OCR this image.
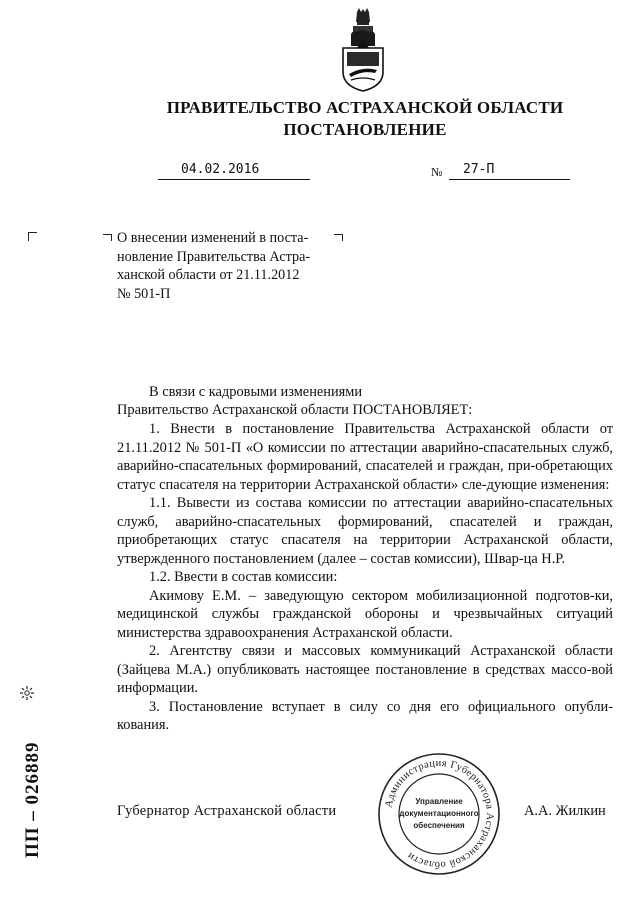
ПРАВИТЕЛЬСТВО АСТРАХАНСКОЙ ОБЛАСТИ
ПОСТАНОВЛЕНИЕ
04.02.2016	№ 27-П

О внесении изменений в поста-

новление Правительства Астра-

ханской области от 21.11.2012

№ 501-П

В связи с кадровыми изменениями
Правительство Астраханской области ПОСТАНОВЛЯЕТ:

1. Внести в постановление Правительства Астраханской области от 21.11.2012 № 501-П «О комиссии по аттестации аварийно-спасательных служб, аварийно-спасательных формирований, спасателей и граждан, при-обретающих статус спасателя на территории Астраханской области» сле-дующие изменения:

1.1. Вывести из состава комиссии по аттестации аварийно-спасательных служб, аварийно-спасательных формирований, спасателей и граждан, приобретающих статус спасателя на территории Астраханской области, утвержденного постановлением (далее – состав комиссии), Швар-ца Н.Р.

1.2. Ввести в состав комиссии:

Акимову Е.М. – заведующую сектором мобилизационной подготов-ки, медицинской службы гражданской обороны и чрезвычайных ситуаций министерства здравоохранения Астраханской области.

2. Агентству связи и массовых коммуникаций Астраханской области (Зайцева М.А.) опубликовать настоящее постановление в средствах массо-вой информации.

3. Постановление вступает в силу со дня его официального опубли-кования.

Губернатор Астраханской области	А.А. Жилкин
Администрация Губернатора Астраханской области
Управление
документационного
обеспечения
ПП – 026889
